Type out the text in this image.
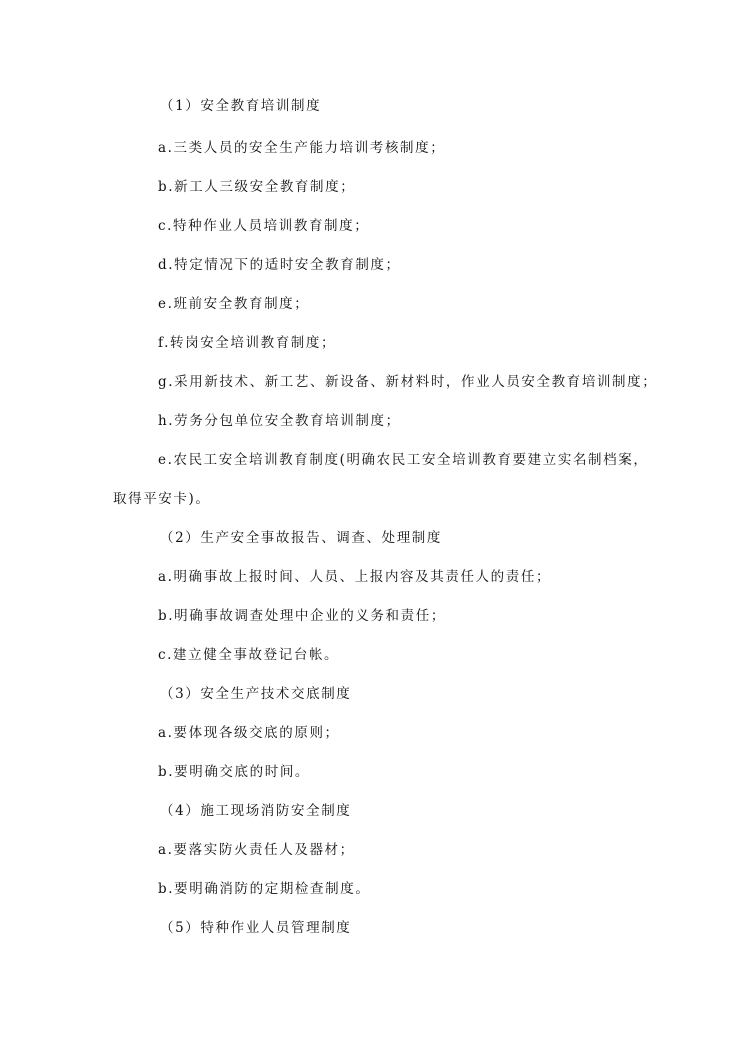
（1）安全教育培训制度
a.三类人员的安全生产能力培训考核制度；
b.新工人三级安全教育制度；
c.特种作业人员培训教育制度；
d.特定情况下的适时安全教育制度；
e.班前安全教育制度；
f.转岗安全培训教育制度；
g.采用新技术、新工艺、新设备、新材料时，作业人员安全教育培训制度；
h.劳务分包单位安全教育培训制度；
e.农民工安全培训教育制度(明确农民工安全培训教育要建立实名制档案，
取得平安卡)。
（2）生产安全事故报告、调查、处理制度
a.明确事故上报时间、人员、上报内容及其责任人的责任；
b.明确事故调查处理中企业的义务和责任；
c.建立健全事故登记台帐。
（3）安全生产技术交底制度
a.要体现各级交底的原则；
b.要明确交底的时间。
（4）施工现场消防安全制度
a.要落实防火责任人及器材；
b.要明确消防的定期检查制度。
（5）特种作业人员管理制度
